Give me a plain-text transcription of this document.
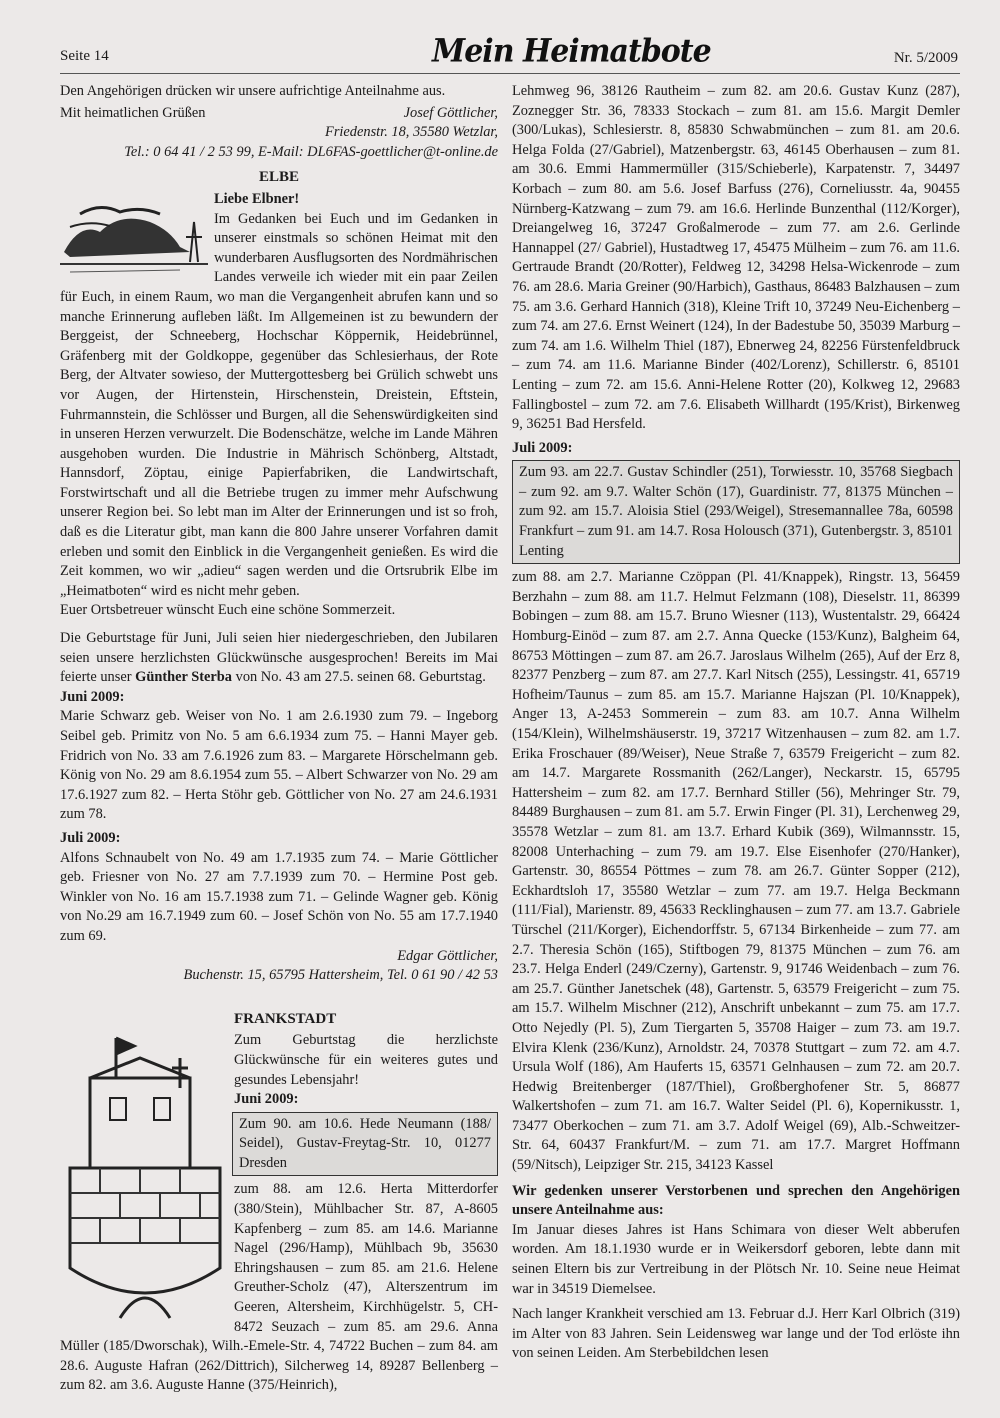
Seite 14	Mein Heimatbote	Nr. 5/2009

Den Angehörigen drücken wir unsere aufrichtige Anteilnahme aus.

Mit heimatlichen Grüßen	Josef Göttlicher,

Friedenstr. 18, 35580 Wetzlar,

Tel.: 0 64 41 / 2 53 99, E-Mail: DL6FAS-goettlicher@t-online.de

ELBE

Liebe Elbner!

Im Gedanken bei Euch und im Gedanken in unserer einstmals so schönen Heimat mit den wunderbaren Ausflugsorten des Nordmährischen Landes verweile ich wieder mit ein paar Zeilen für Euch, in einem Raum, wo man die Vergangenheit abrufen kann und so manche Erinnerung aufleben läßt. Im Allgemeinen ist zu bewundern der Berggeist, der Schneeberg, Hochschar Köppernik, Heidebrünnel, Gräfenberg mit der Goldkoppe, gegenüber das Schlesierhaus, der Rote Berg, der Altvater sowieso, der Muttergottesberg bei Grülich schwebt uns vor Augen, der Hirtenstein, Hirschenstein, Dreistein, Eftstein, Fuhrmannstein, die Schlösser und Burgen, all die Sehenswürdigkeiten sind in unseren Herzen verwurzelt. Die Bodenschätze, welche im Lande Mähren ausgehoben wurden. Die Industrie in Mährisch Schönberg, Altstadt, Hannsdorf, Zöptau, einige Papierfabriken, die Landwirtschaft, Forstwirtschaft und all die Betriebe trugen zu immer mehr Aufschwung unserer Region bei. So lebt man im Alter der Erinnerungen und ist so froh, daß es die Literatur gibt, man kann die 800 Jahre unserer Vorfahren damit erleben und somit den Einblick in die Vergangenheit genießen. Es wird die Zeit kommen, wo wir „adieu“ sagen werden und die Ortsrubrik Elbe im „Heimatboten“ wird es nicht mehr geben.

Euer Ortsbetreuer wünscht Euch eine schöne Sommerzeit.

Die Geburtstage für Juni, Juli seien hier niedergeschrieben, den Jubilaren seien unsere herzlichsten Glückwünsche ausgesprochen! Bereits im Mai feierte unser Günther Sterba von No. 43 am 27.5. seinen 68. Geburtstag.

Juni 2009:

Marie Schwarz geb. Weiser von No. 1 am 2.6.1930 zum 79. – Ingeborg Seibel geb. Primitz von No. 5 am 6.6.1934 zum 75. – Hanni Mayer geb. Fridrich von No. 33 am 7.6.1926 zum 83. – Margarete Hörschelmann geb. König von No. 29 am 8.6.1954 zum 55. – Albert Schwarzer von No. 29 am 17.6.1927 zum 82. – Herta Stöhr geb. Göttlicher von No. 27 am 24.6.1931 zum 78.

Juli 2009:

Alfons Schnaubelt von No. 49 am 1.7.1935 zum 74. – Marie Göttlicher geb. Friesner von No. 27 am 7.7.1939 zum 70. – Hermine Post geb. Winkler von No. 16 am 15.7.1938 zum 71. – Gelinde Wagner geb. König von No.29 am 16.7.1949 zum 60. – Josef Schön von No. 55 am 17.7.1940 zum 69.

Edgar Göttlicher,

Buchenstr. 15, 65795 Hattersheim, Tel. 0 61 90 / 42 53

FRANKSTADT

Zum Geburtstag die herzlichste Glückwünsche für ein weiteres gutes und gesundes Lebensjahr!

Juni 2009:

Zum 90. am 10.6. Hede Neumann (188/ Seidel), Gustav-Freytag-Str. 10, 01277 Dresden

zum 88. am 12.6. Herta Mitterdorfer (380/Stein), Mühlbacher Str. 87, A-8605 Kapfenberg – zum 85. am 14.6. Marianne Nagel (296/Hamp), Mühlbach 9b, 35630 Ehringshausen – zum 85. am 21.6. Helene Greuther-Scholz (47), Alterszentrum im Geeren, Altersheim, Kirchhügelstr. 5, CH-8472 Seuzach – zum 85. am 29.6. Anna Müller (185/Dworschak), Wilh.-Emele-Str. 4, 74722 Buchen – zum 84. am 28.6. Auguste Hafran (262/Dittrich), Silcherweg 14, 89287 Bellenberg – zum 82. am 3.6. Auguste Hanne (375/Heinrich),

Lehmweg 96, 38126 Rautheim – zum 82. am 20.6. Gustav Kunz (287), Zoznegger Str. 36, 78333 Stockach – zum 81. am 15.6. Margit Demler (300/Lukas), Schlesierstr. 8, 85830 Schwabmünchen – zum 81. am 20.6. Helga Folda (27/Gabriel), Matzenbergstr. 63, 46145 Oberhausen – zum 81. am 30.6. Emmi Hammermüller (315/Schieberle), Karpatenstr. 7, 34497 Korbach – zum 80. am 5.6. Josef Barfuss (276), Corneliusstr. 4a, 90455 Nürnberg-Katzwang – zum 79. am 16.6. Herlinde Bunzenthal (112/Korger), Dreiangelweg 16, 37247 Großalmerode – zum 77. am 2.6. Gerlinde Hannappel (27/ Gabriel), Hustadtweg 17, 45475 Mülheim – zum 76. am 11.6. Gertraude Brandt (20/Rotter), Feldweg 12, 34298 Helsa-Wickenrode – zum 76. am 28.6. Maria Greiner (90/Harbich), Gasthaus, 86483 Balzhausen – zum 75. am 3.6. Gerhard Hannich (318), Kleine Trift 10, 37249 Neu-Eichenberg – zum 74. am 27.6. Ernst Weinert (124), In der Badestube 50, 35039 Marburg – zum 74. am 1.6. Wilhelm Thiel (187), Ebnerweg 24, 82256 Fürstenfeldbruck – zum 74. am 11.6. Marianne Binder (402/Lorenz), Schillerstr. 6, 85101 Lenting – zum 72. am 15.6. Anni-Helene Rotter (20), Kolkweg 12, 29683 Fallingbostel – zum 72. am 7.6. Elisabeth Willhardt (195/Krist), Birkenweg 9, 36251 Bad Hersfeld.

Juli 2009:

Zum 93. am 22.7. Gustav Schindler (251), Torwiesstr. 10, 35768 Siegbach – zum 92. am 9.7. Walter Schön (17), Guardinistr. 77, 81375 München – zum 92. am 15.7. Aloisia Stiel (293/Weigel), Stresemannallee 78a, 60598 Frankfurt – zum 91. am 14.7. Rosa Holousch (371), Gutenbergstr. 3, 85101 Lenting

zum 88. am 2.7. Marianne Czöppan (Pl. 41/Knappek), Ringstr. 13, 56459 Berzhahn – zum 88. am 11.7. Helmut Felzmann (108), Dieselstr. 11, 86399 Bobingen – zum 88. am 15.7. Bruno Wiesner (113), Wustentalstr. 29, 66424 Homburg-Einöd – zum 87. am 2.7. Anna Quecke (153/Kunz), Balgheim 64, 86753 Möttingen – zum 87. am 26.7. Jaroslaus Wilhelm (265), Auf der Erz 8, 82377 Penzberg – zum 87. am 27.7. Karl Nitsch (255), Lessingstr. 41, 65719 Hofheim/Taunus – zum 85. am 15.7. Marianne Hajszan (Pl. 10/Knappek), Anger 13, A-2453 Sommerein – zum 83. am 10.7. Anna Wilhelm (154/Klein), Wilhelmshäuserstr. 19, 37217 Witzenhausen – zum 82. am 1.7. Erika Froschauer (89/Weiser), Neue Straße 7, 63579 Freigericht – zum 82. am 14.7. Margarete Rossmanith (262/Langer), Neckarstr. 15, 65795 Hattersheim – zum 82. am 17.7. Bernhard Stiller (56), Mehringer Str. 79, 84489 Burghausen – zum 81. am 5.7. Erwin Finger (Pl. 31), Lerchenweg 29, 35578 Wetzlar – zum 81. am 13.7. Erhard Kubik (369), Wilmannsstr. 15, 82008 Unterhaching – zum 79. am 19.7. Else Eisenhofer (270/Hanker), Gartenstr. 30, 86554 Pöttmes – zum 78. am 26.7. Günter Sopper (212), Eckhardtsloh 17, 35580 Wetzlar – zum 77. am 19.7. Helga Beckmann (111/Fial), Marienstr. 89, 45633 Recklinghausen – zum 77. am 13.7. Gabriele Türschel (211/Korger), Eichendorffstr. 5, 67134 Birkenheide – zum 77. am 2.7. Theresia Schön (165), Stiftbogen 79, 81375 München – zum 76. am 23.7. Helga Enderl (249/Czerny), Gartenstr. 9, 91746 Weidenbach – zum 76. am 25.7. Günther Janetschek (48), Gartenstr. 5, 63579 Freigericht – zum 75. am 15.7. Wilhelm Mischner (212), Anschrift unbekannt – zum 75. am 17.7. Otto Nejedly (Pl. 5), Zum Tiergarten 5, 35708 Haiger – zum 73. am 19.7. Elvira Klenk (236/Kunz), Arnoldstr. 24, 70378 Stuttgart – zum 72. am 4.7. Ursula Wolf (186), Am Hauferts 15, 63571 Gelnhausen – zum 72. am 20.7. Hedwig Breitenberger (187/Thiel), Großberghofener Str. 5, 86877 Walkertshofen – zum 71. am 16.7. Walter Seidel (Pl. 6), Kopernikusstr. 1, 73477 Oberkochen – zum 71. am 3.7. Adolf Weigel (69), Alb.-Schweitzer-Str. 64, 60437 Frankfurt/M. – zum 71. am 17.7. Margret Hoffmann (59/Nitsch), Leipziger Str. 215, 34123 Kassel

Wir gedenken unserer Verstorbenen und sprechen den Angehörigen unsere Anteilnahme aus:

Im Januar dieses Jahres ist Hans Schimara von dieser Welt abberufen worden. Am 18.1.1930 wurde er in Weikersdorf geboren, lebte dann mit seinen Eltern bis zur Vertreibung in der Plötsch Nr. 10. Seine neue Heimat war in 34519 Diemelsee.

Nach langer Krankheit verschied am 13. Februar d.J. Herr Karl Olbrich (319) im Alter von 83 Jahren. Sein Leidensweg war lange und der Tod erlöste ihn von seinen Leiden. Am Sterbebildchen lesen
